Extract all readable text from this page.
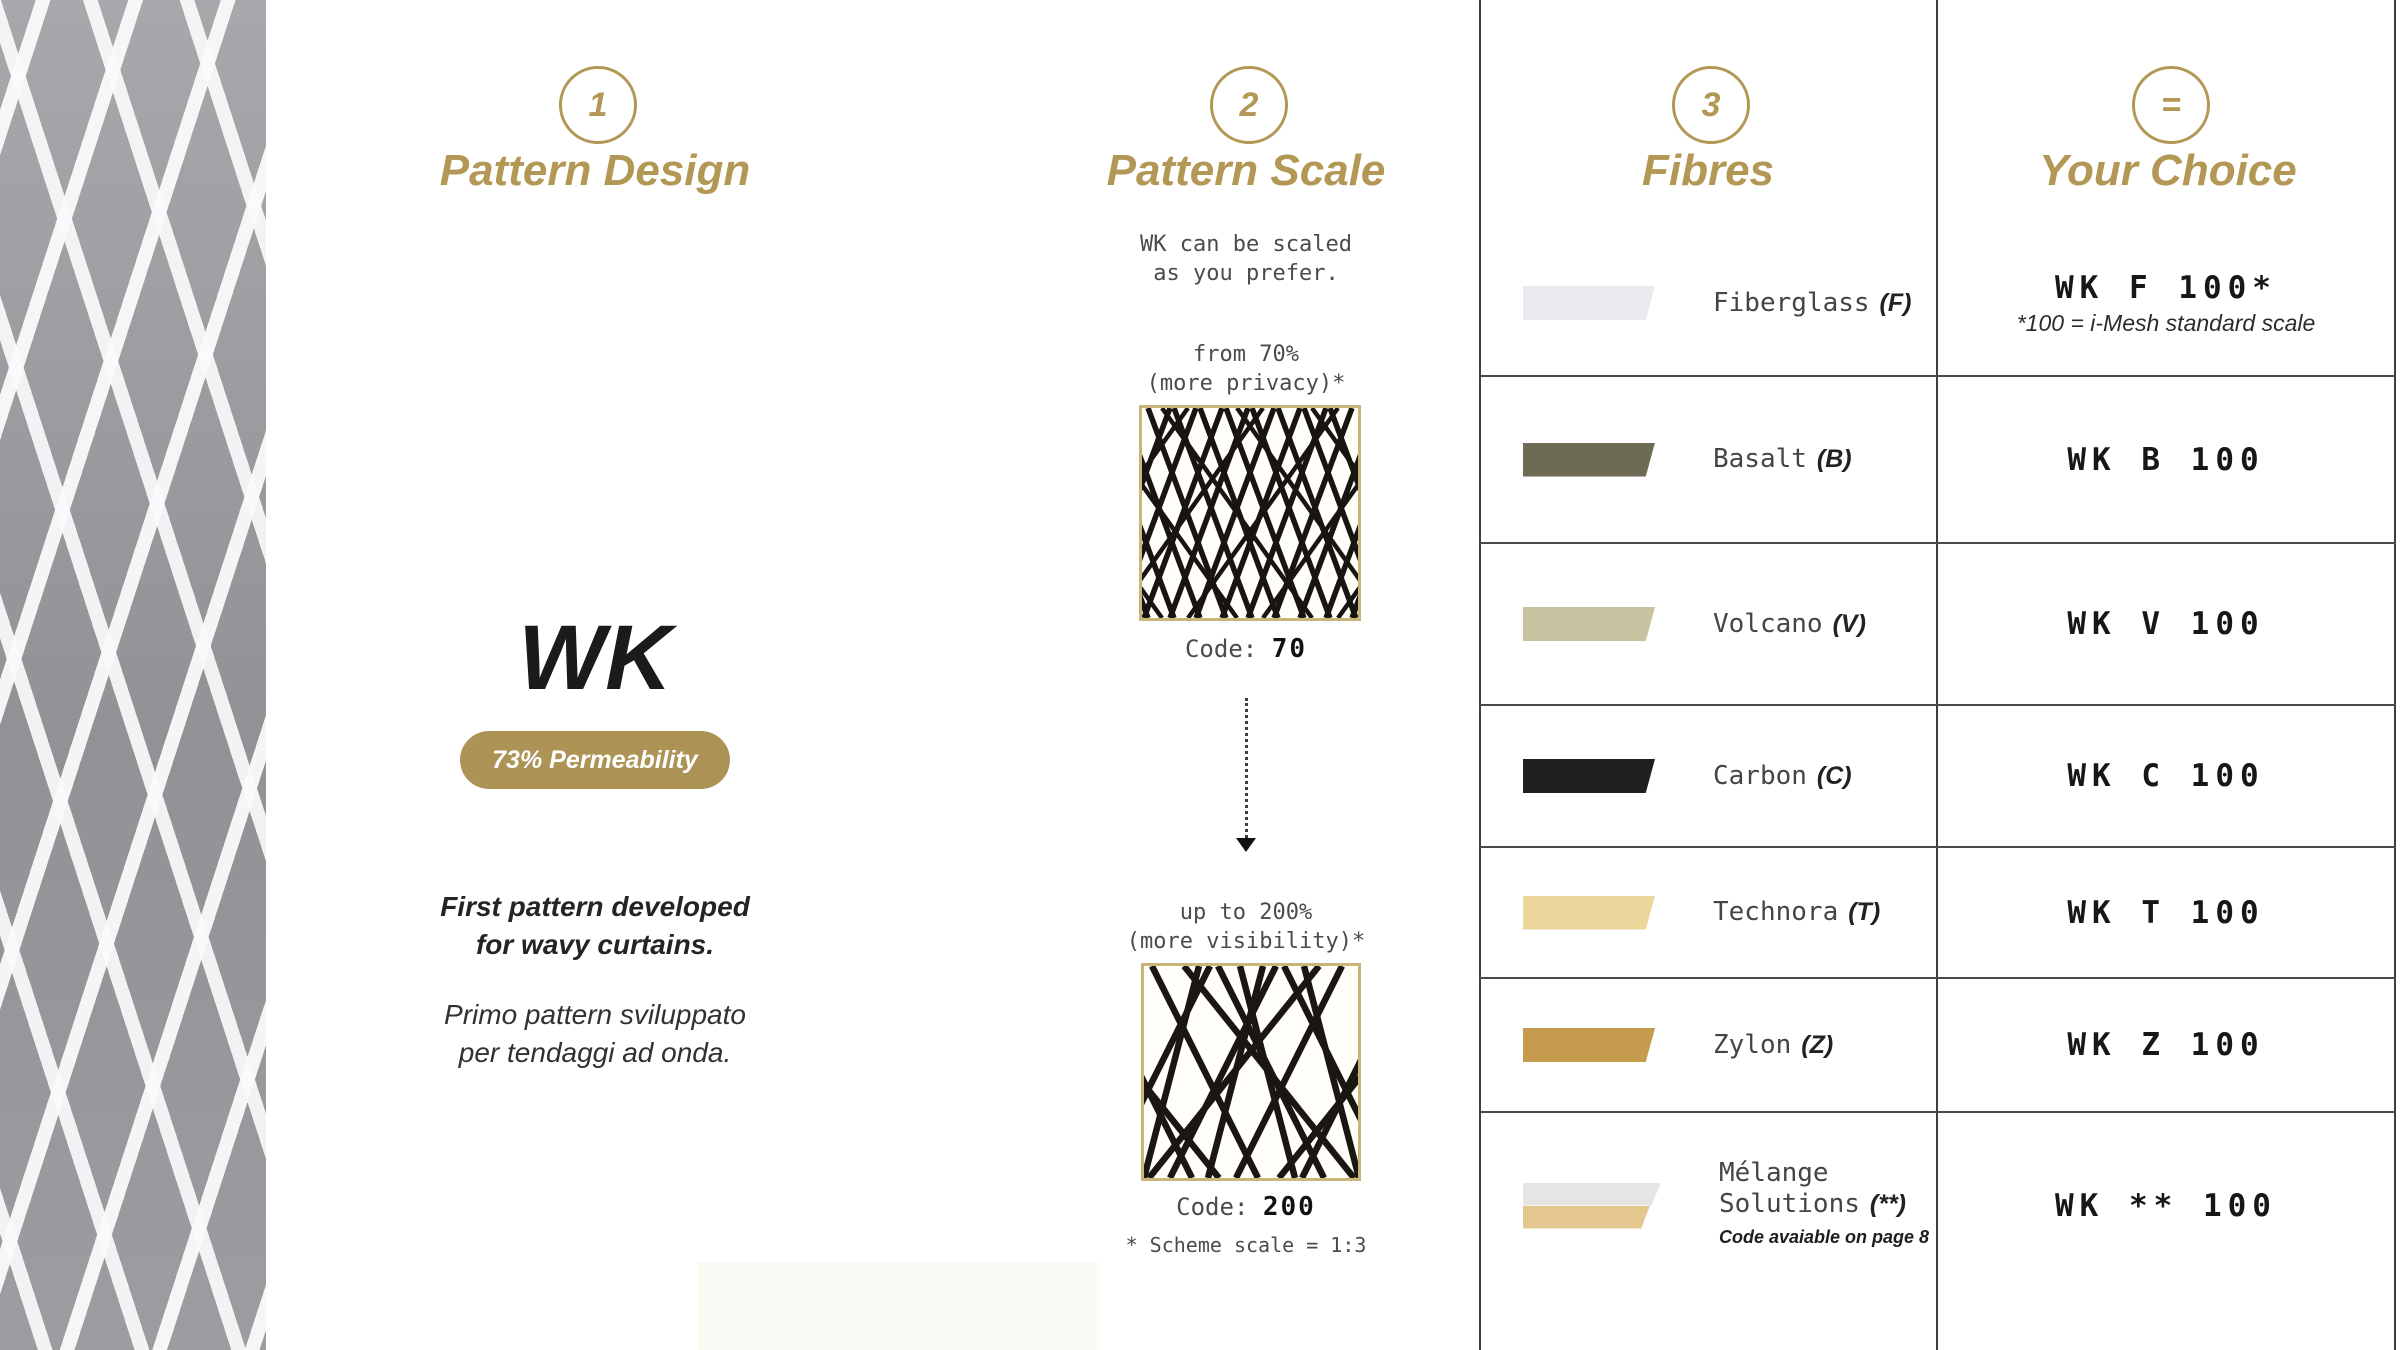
1
Pattern Design
WK
73% Permeability
First pattern developed
for wavy curtains.
Primo pattern sviluppato
per tendaggi ad onda.
2
Pattern Scale
WK can be scaled
as you prefer.
from 70%
(more privacy)*
Code: 70
up to 200%
(more visibility)*
Code: 200
* Scheme scale = 1:3
3
Fibres
Fiberglass (F)
Basalt (B)
Volcano (V)
Carbon (C)
Technora (T)
Zylon (Z)
Mélange
Solutions (**)
Code avaiable on page 8
=
Your Choice
WK F 100*
*100 = i-Mesh standard scale
WK B 100
WK V 100
WK C 100
WK T 100
WK Z 100
WK ** 100
